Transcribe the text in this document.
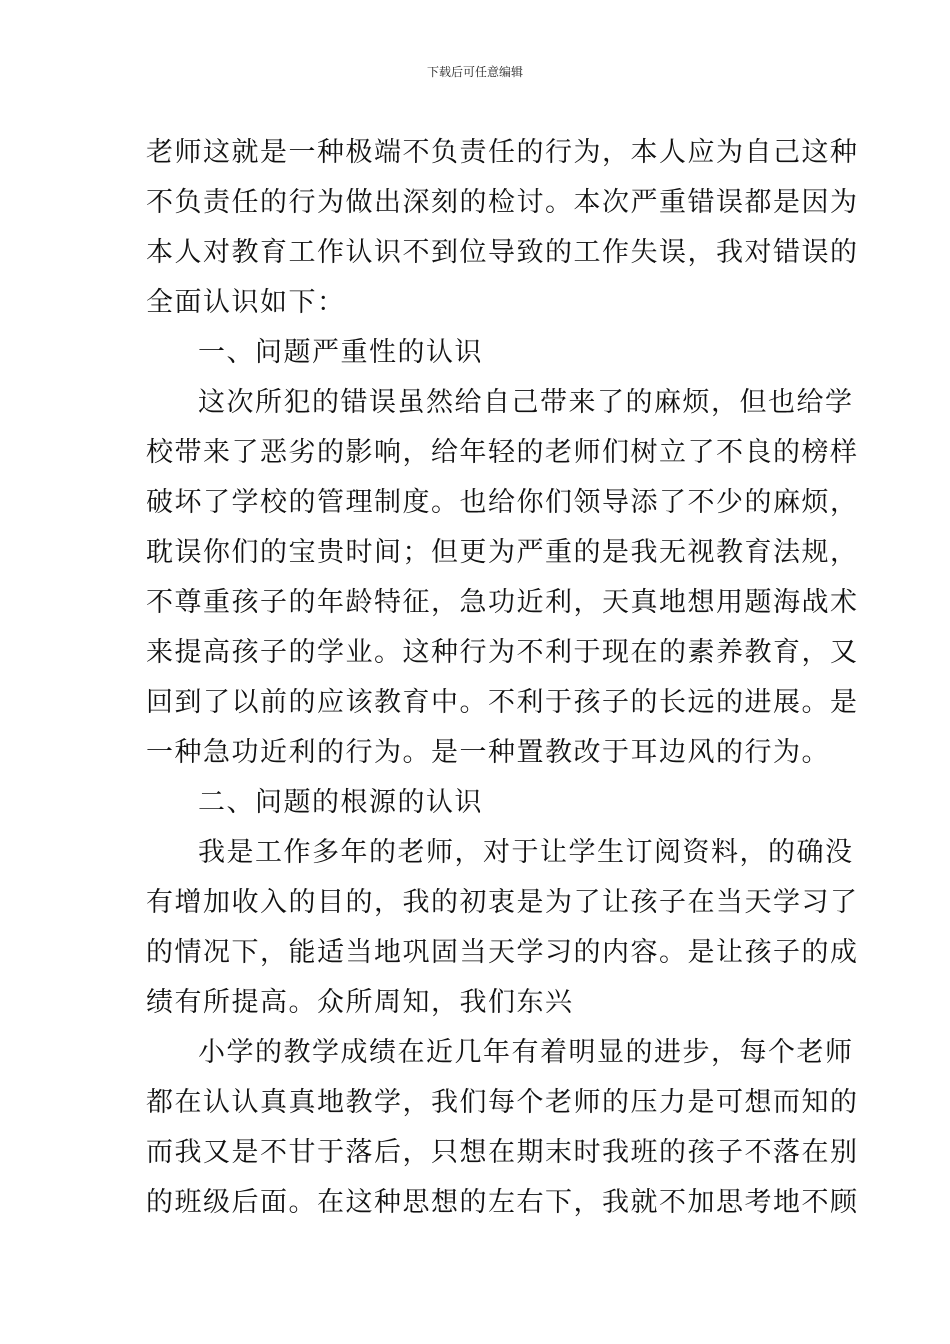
下载后可任意编辑
老师这就是一种极端不负责任的行为，本人应为自己这种
不负责任的行为做出深刻的检讨。本次严重错误都是因为
本人对教育工作认识不到位导致的工作失误，我对错误的
全面认识如下：
一、问题严重性的认识
这次所犯的错误虽然给自己带来了的麻烦，但也给学
校带来了恶劣的影响，给年轻的老师们树立了不良的榜样
破坏了学校的管理制度。也给你们领导添了不少的麻烦，
耽误你们的宝贵时间；但更为严重的是我无视教育法规，
不尊重孩子的年龄特征，急功近利，天真地想用题海战术
来提高孩子的学业。这种行为不利于现在的素养教育，又
回到了以前的应该教育中。不利于孩子的长远的进展。是
一种急功近利的行为。是一种置教改于耳边风的行为。
二、问题的根源的认识
我是工作多年的老师，对于让学生订阅资料，的确没
有增加收入的目的，我的初衷是为了让孩子在当天学习了
的情况下，能适当地巩固当天学习的内容。是让孩子的成
绩有所提高。众所周知，我们东兴
小学的教学成绩在近几年有着明显的进步，每个老师
都在认认真真地教学，我们每个老师的压力是可想而知的
而我又是不甘于落后，只想在期末时我班的孩子不落在别
的班级后面。在这种思想的左右下，我就不加思考地不顾
